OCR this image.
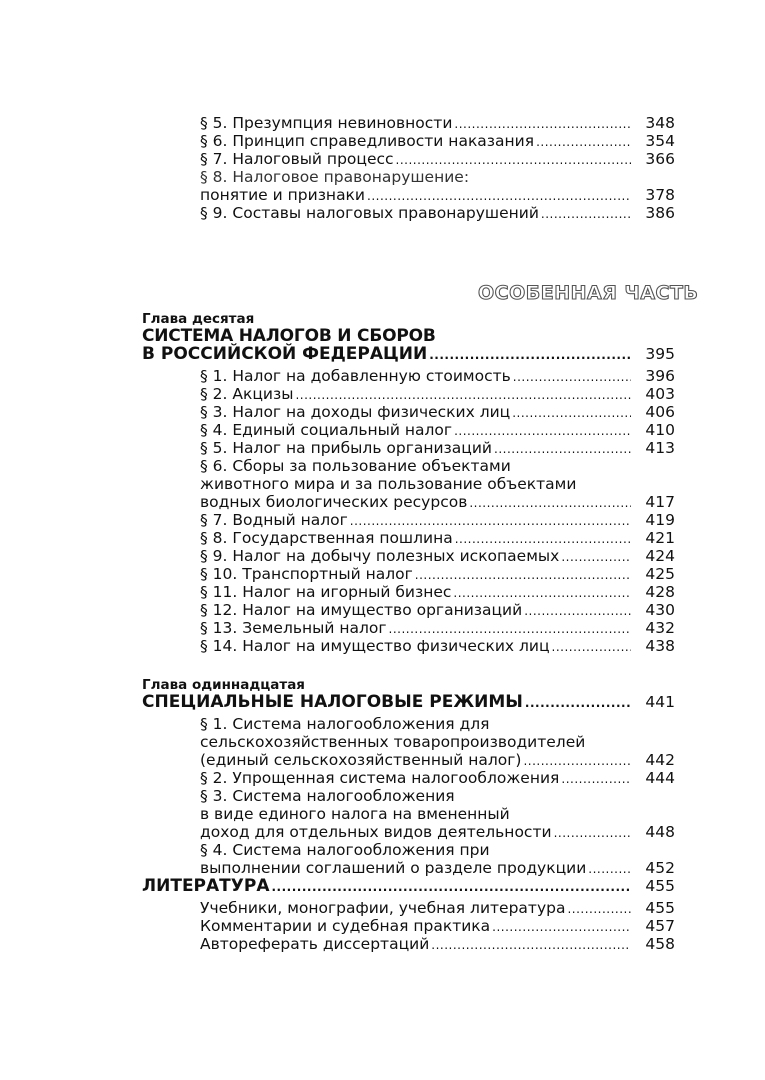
§ 5. Презумпция невиновности .....	348
§ 6. Принцип справедливости наказания .....	354
§ 7. Налоговый процесс .....	366
§ 8. Налоговое правонарушение:
понятие и признаки .....	378
§ 9. Составы налоговых правонарушений .....	386
ОСОБЕННАЯ ЧАСТЬ
Глава десятая
СИСТЕМА НАЛОГОВ И СБОРОВ
В РОССИЙСКОЙ ФЕДЕРАЦИИ .....	395
§ 1. Налог на добавленную стоимость .....	396
§ 2. Акцизы .....	403
§ 3. Налог на доходы физических лиц .....	406
§ 4. Единый социальный налог .....	410
§ 5. Налог на прибыль организаций .....	413
§ 6. Сборы за пользование объектами
животного мира и за пользование объектами
водных биологических ресурсов .....	417
§ 7. Водный налог .....	419
§ 8. Государственная пошлина .....	421
§ 9. Налог на добычу полезных ископаемых .....	424
§ 10. Транспортный налог .....	425
§ 11. Налог на игорный бизнес .....	428
§ 12. Налог на имущество организаций .....	430
§ 13. Земельный налог .....	432
§ 14. Налог на имущество физических лиц .....	438
Глава одиннадцатая
СПЕЦИАЛЬНЫЕ НАЛОГОВЫЕ РЕЖИМЫ .....	441
§ 1. Система налогообложения для
сельскохозяйственных товаропроизводителей
(единый сельскохозяйственный налог) .....	442
§ 2. Упрощенная система налогообложения .....	444
§ 3. Система налогообложения
в виде единого налога на вмененный
доход для отдельных видов деятельности .....	448
§ 4. Система налогообложения при
выполнении соглашений о разделе продукции .....	452
ЛИТЕРАТУРА .....	455
Учебники, монографии, учебная литература .....	455
Комментарии и судебная практика .....	457
Автореферать диссертаций .....	458
